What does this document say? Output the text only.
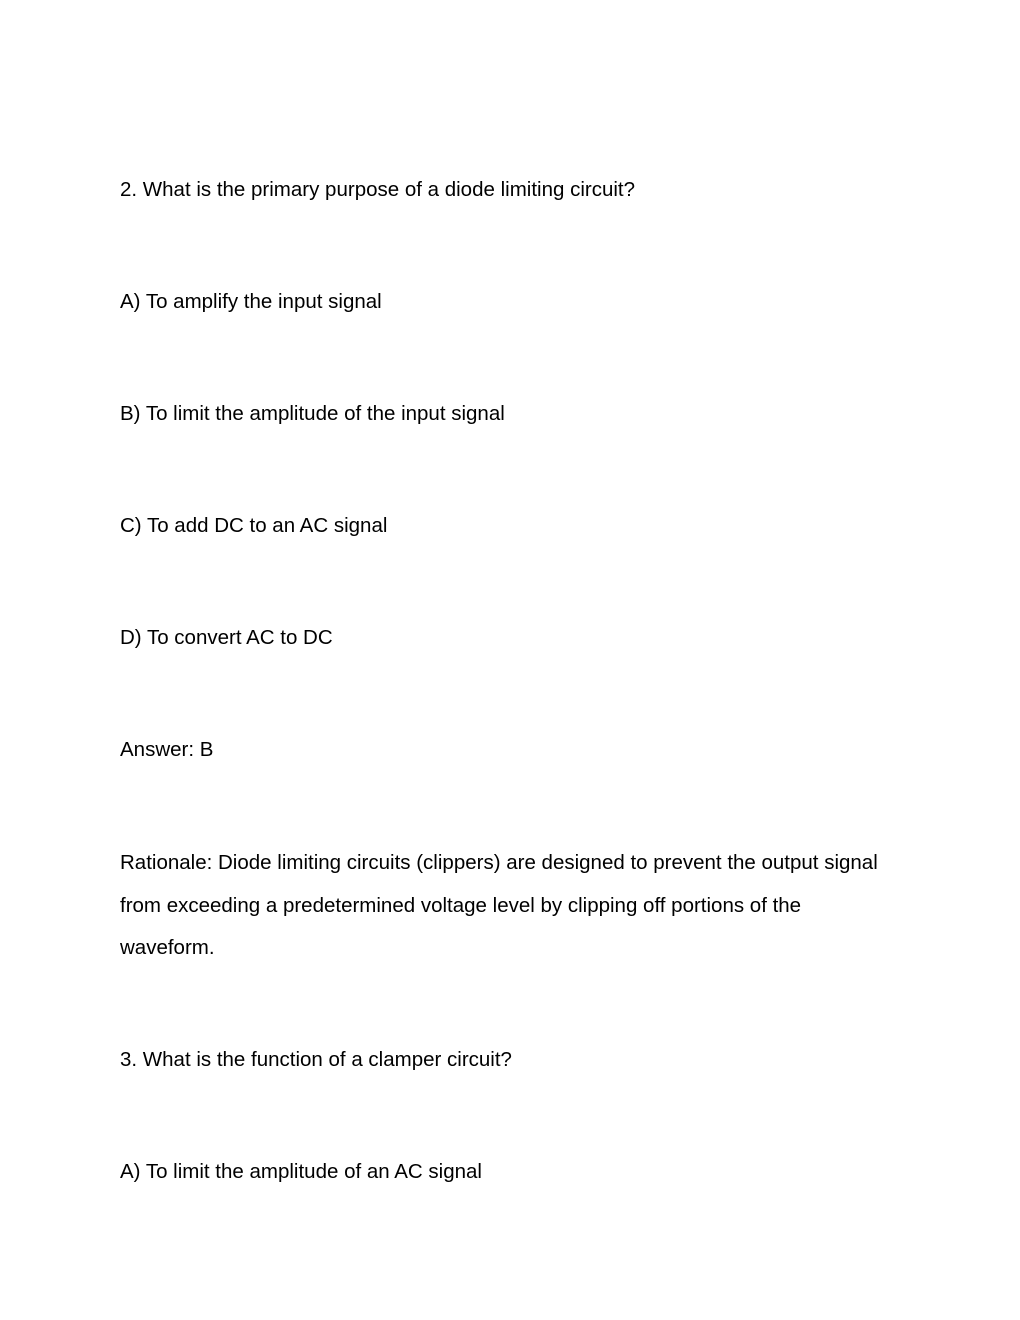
2. What is the primary purpose of a diode limiting circuit?

A) To amplify the input signal

B) To limit the amplitude of the input signal

C) To add DC to an AC signal

D) To convert AC to DC

Answer: B

Rationale: Diode limiting circuits (clippers) are designed to prevent the output signal from exceeding a predetermined voltage level by clipping off portions of the waveform.

3. What is the function of a clamper circuit?

A) To limit the amplitude of an AC signal
